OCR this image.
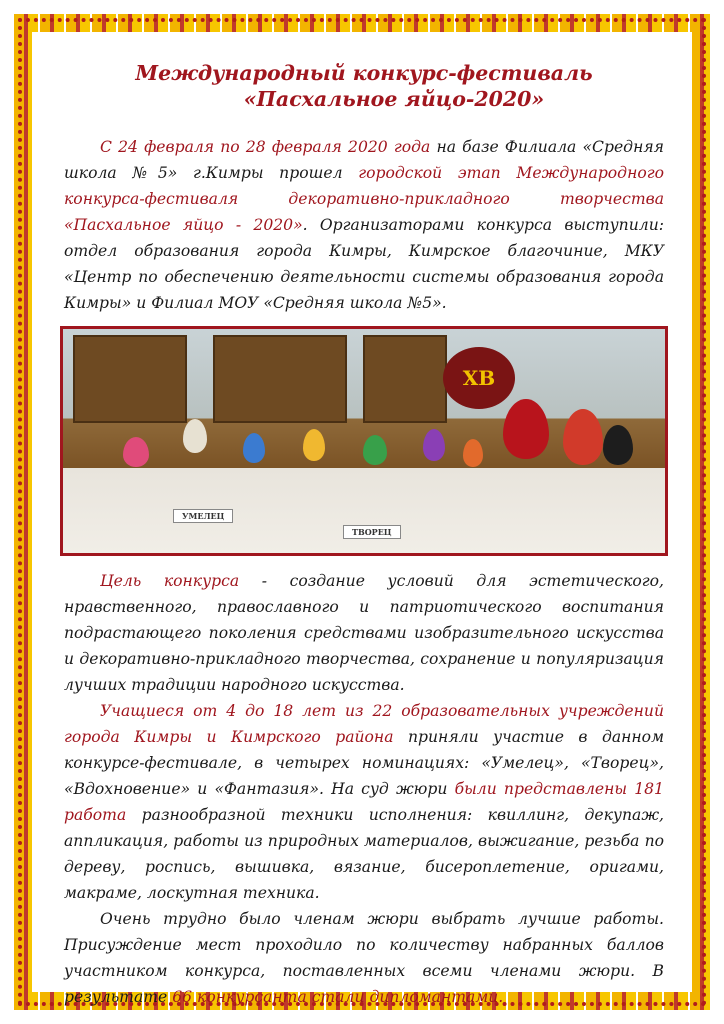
Международный конкурс-фестиваль
«Пасхальное яйцо-2020»

С 24 февраля по 28 февраля 2020 года на базе Филиала «Средняя школа №5» г.Кимры прошел городской этап Международного конкурса-фестиваля декоративно-прикладного творчества «Пасхальное яйцо - 2020». Организаторами конкурса выступили: отдел образования города Кимры, Кимрское благочиние, МКУ «Центр по обеспечению деятельности системы образования города Кимры» и Филиал МОУ «Средняя школа №5».

ХВ
УМЕЛЕЦ
ТВОРЕЦ

Цель конкурса - создание условий для эстетического, нравственного, православного и патриотического воспитания подрастающего поколения средствами изобразительного искусства и декоративно-прикладного творчества, сохранение и популяризация лучших традиции народного искусства.

Учащиеся от 4 до 18 лет из 22 образовательных учреждений города Кимры и Кимрского района приняли участие в данном конкурсе-фестивале, в четырех номинациях: «Умелец», «Творец», «Вдохновение» и «Фантазия». На суд жюри были представлены 181 работа разнообразной техники исполнения: квиллинг, декупаж, аппликация, работы из природных материалов, выжигание, резьба по дереву, роспись, вышивка, вязание, бисероплетение, оригами, макраме, лоскутная техника.

Очень трудно было членам жюри выбрать лучшие работы. Присуждение мест проходило по количеству набранных баллов участником конкурса, поставленных всеми членами жюри. В результате 66 конкурсантa стали дипломантами.
